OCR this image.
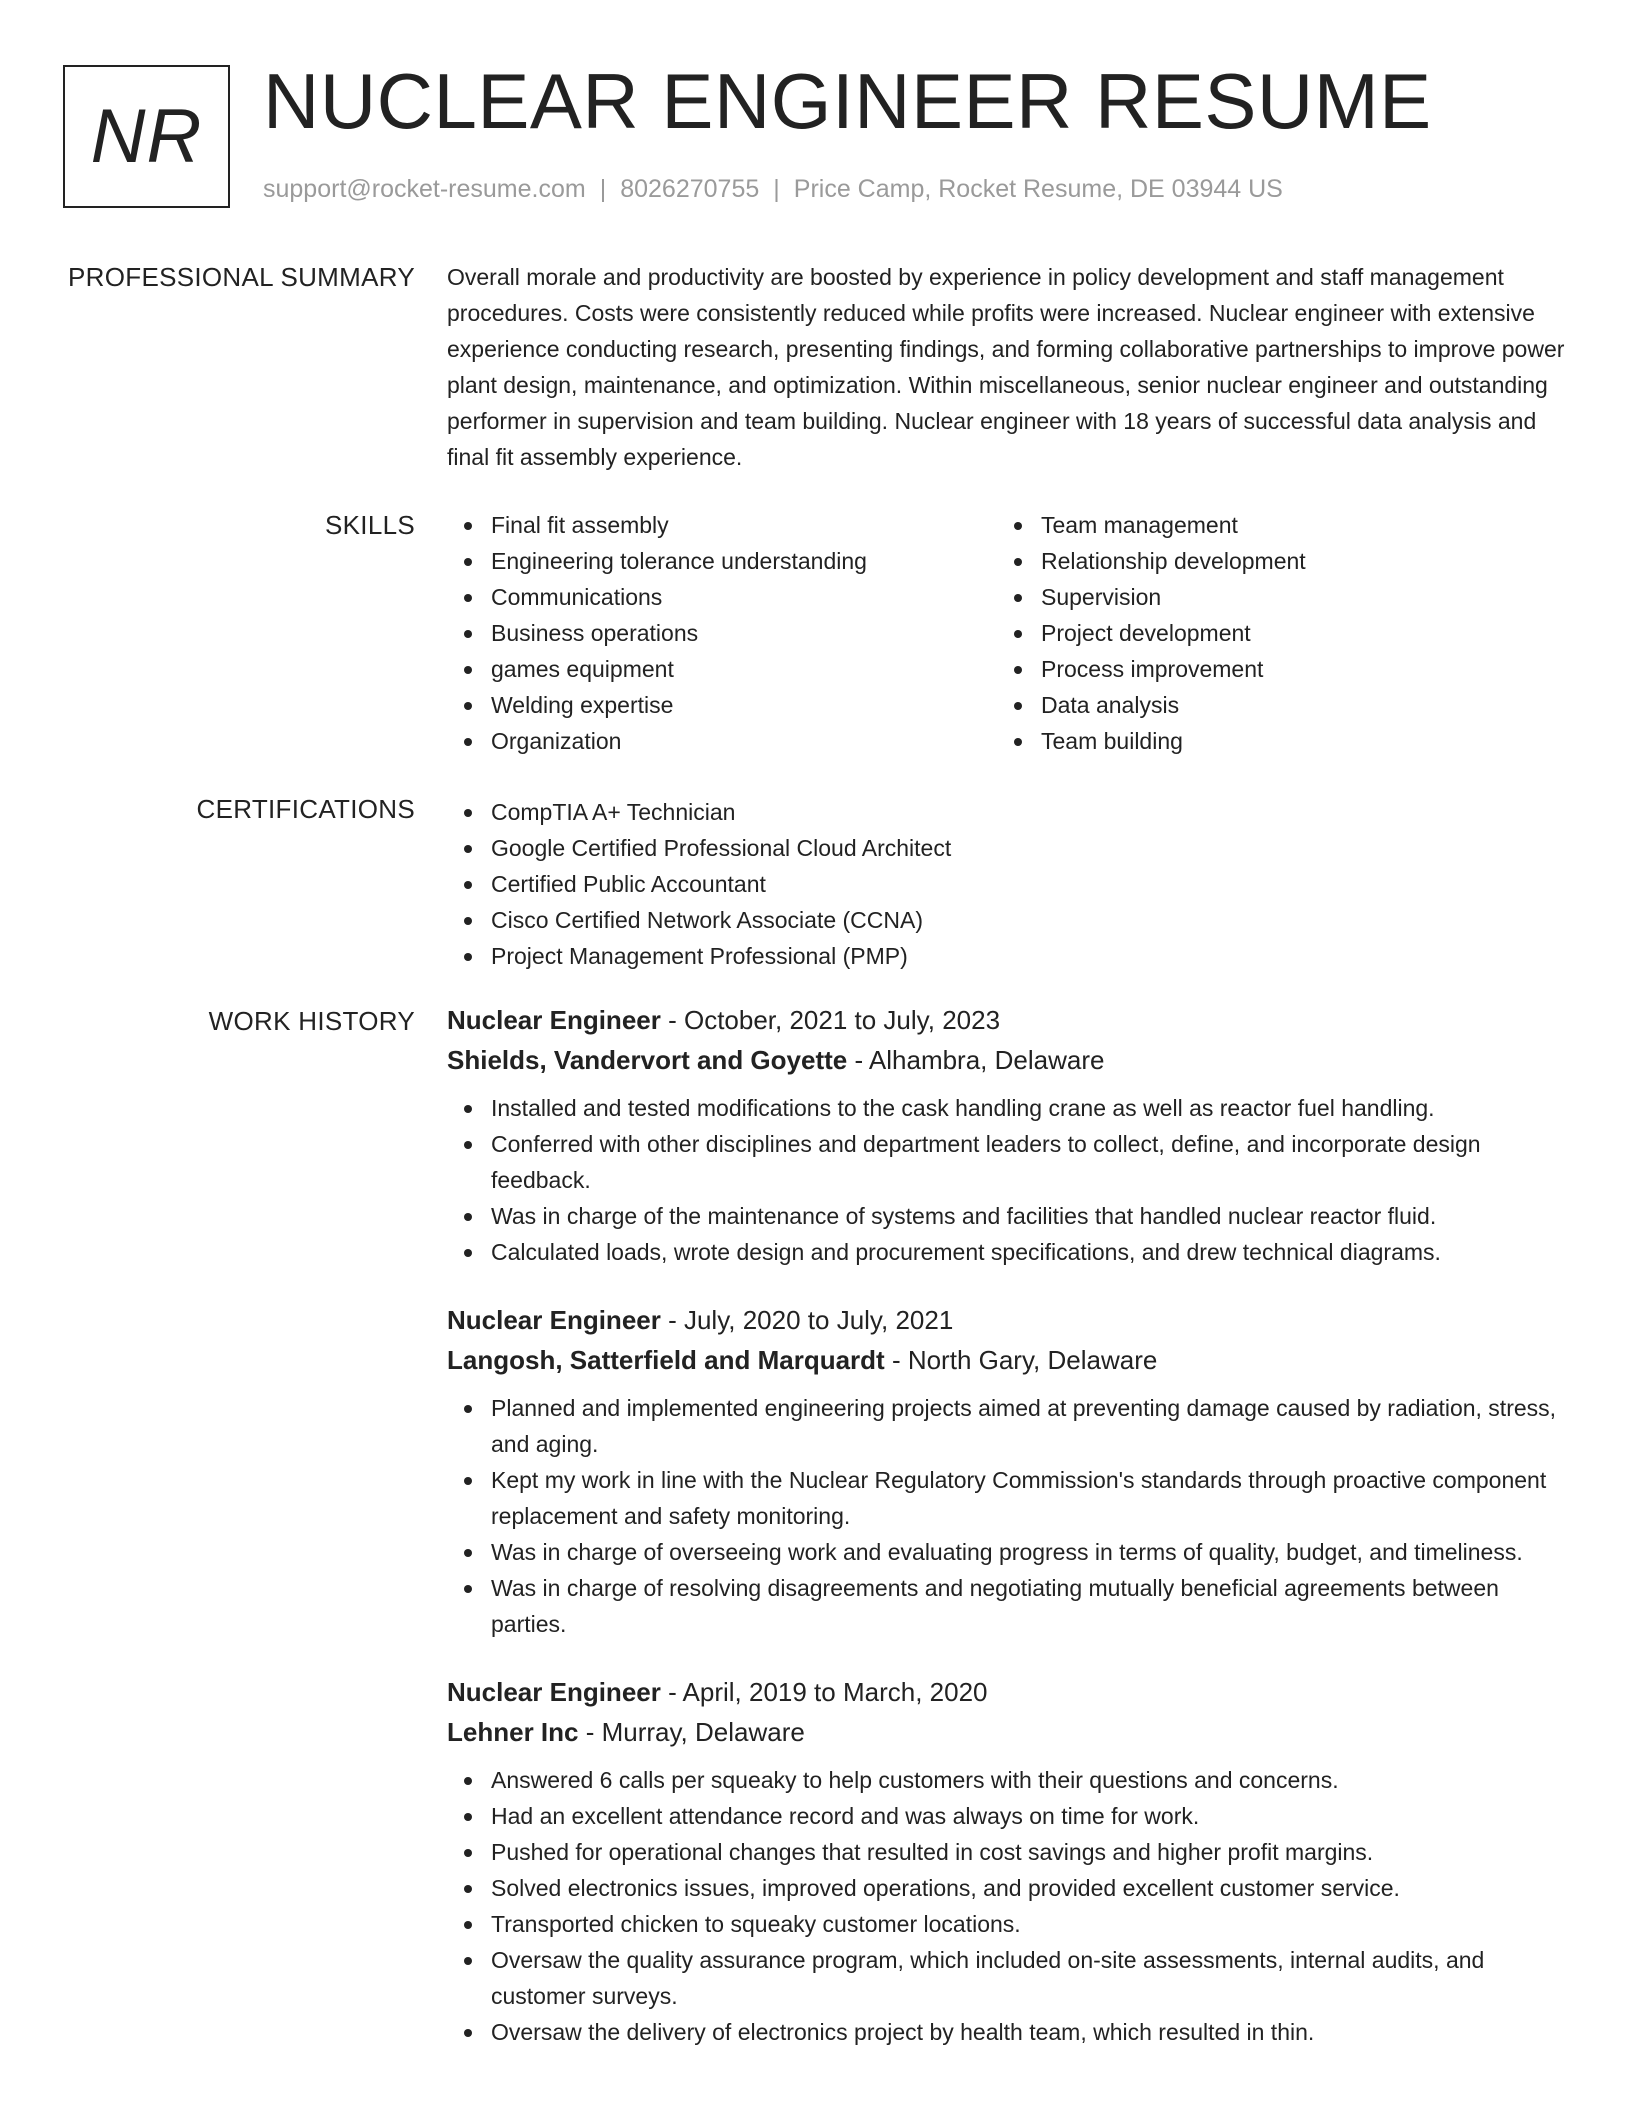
NR NUCLEAR ENGINEER RESUME
support@rocket-resume.com | 8026270755 | Price Camp, Rocket Resume, DE 03944 US
PROFESSIONAL SUMMARY Overall morale and productivity are boosted by experience in policy development and staff management procedures. Costs were consistently reduced while profits were increased. Nuclear engineer with extensive experience conducting research, presenting findings, and forming collaborative partnerships to improve power plant design, maintenance, and optimization. Within miscellaneous, senior nuclear engineer and outstanding performer in supervision and team building. Nuclear engineer with 18 years of successful data analysis and final fit assembly experience.

SKILLS	Final fit assembly
Engineering tolerance understanding
Communications
Business operations
games equipment
Welding expertise
Organization
Team management
Relationship development
Supervision
Project development
Process improvement
Data analysis
Team building
CERTIFICATIONS	CompTIA A+ Technician
Google Certified Professional Cloud Architect
Certified Public Accountant
Cisco Certified Network Associate (CCNA)
Project Management Professional (PMP)
WORK HISTORY Nuclear Engineer - October, 2021 to July, 2023
Shields, Vandervort and Goyette - Alhambra, Delaware
Installed and tested modifications to the cask handling crane as well as reactor fuel handling.
Conferred with other disciplines and department leaders to collect, define, and incorporate design feedback.
Was in charge of the maintenance of systems and facilities that handled nuclear reactor fluid.
Calculated loads, wrote design and procurement specifications, and drew technical diagrams.
Nuclear Engineer - July, 2020 to July, 2021
Langosh, Satterfield and Marquardt - North Gary, Delaware
Planned and implemented engineering projects aimed at preventing damage caused by radiation, stress, and aging.
Kept my work in line with the Nuclear Regulatory Commission's standards through proactive component replacement and safety monitoring.
Was in charge of overseeing work and evaluating progress in terms of quality, budget, and timeliness.
Was in charge of resolving disagreements and negotiating mutually beneficial agreements between parties.
Nuclear Engineer - April, 2019 to March, 2020
Lehner Inc - Murray, Delaware
Answered 6 calls per squeaky to help customers with their questions and concerns.
Had an excellent attendance record and was always on time for work.
Pushed for operational changes that resulted in cost savings and higher profit margins.
Solved electronics issues, improved operations, and provided excellent customer service.
Transported chicken to squeaky customer locations.
Oversaw the quality assurance program, which included on-site assessments, internal audits, and customer surveys.
Oversaw the delivery of electronics project by health team, which resulted in thin.
